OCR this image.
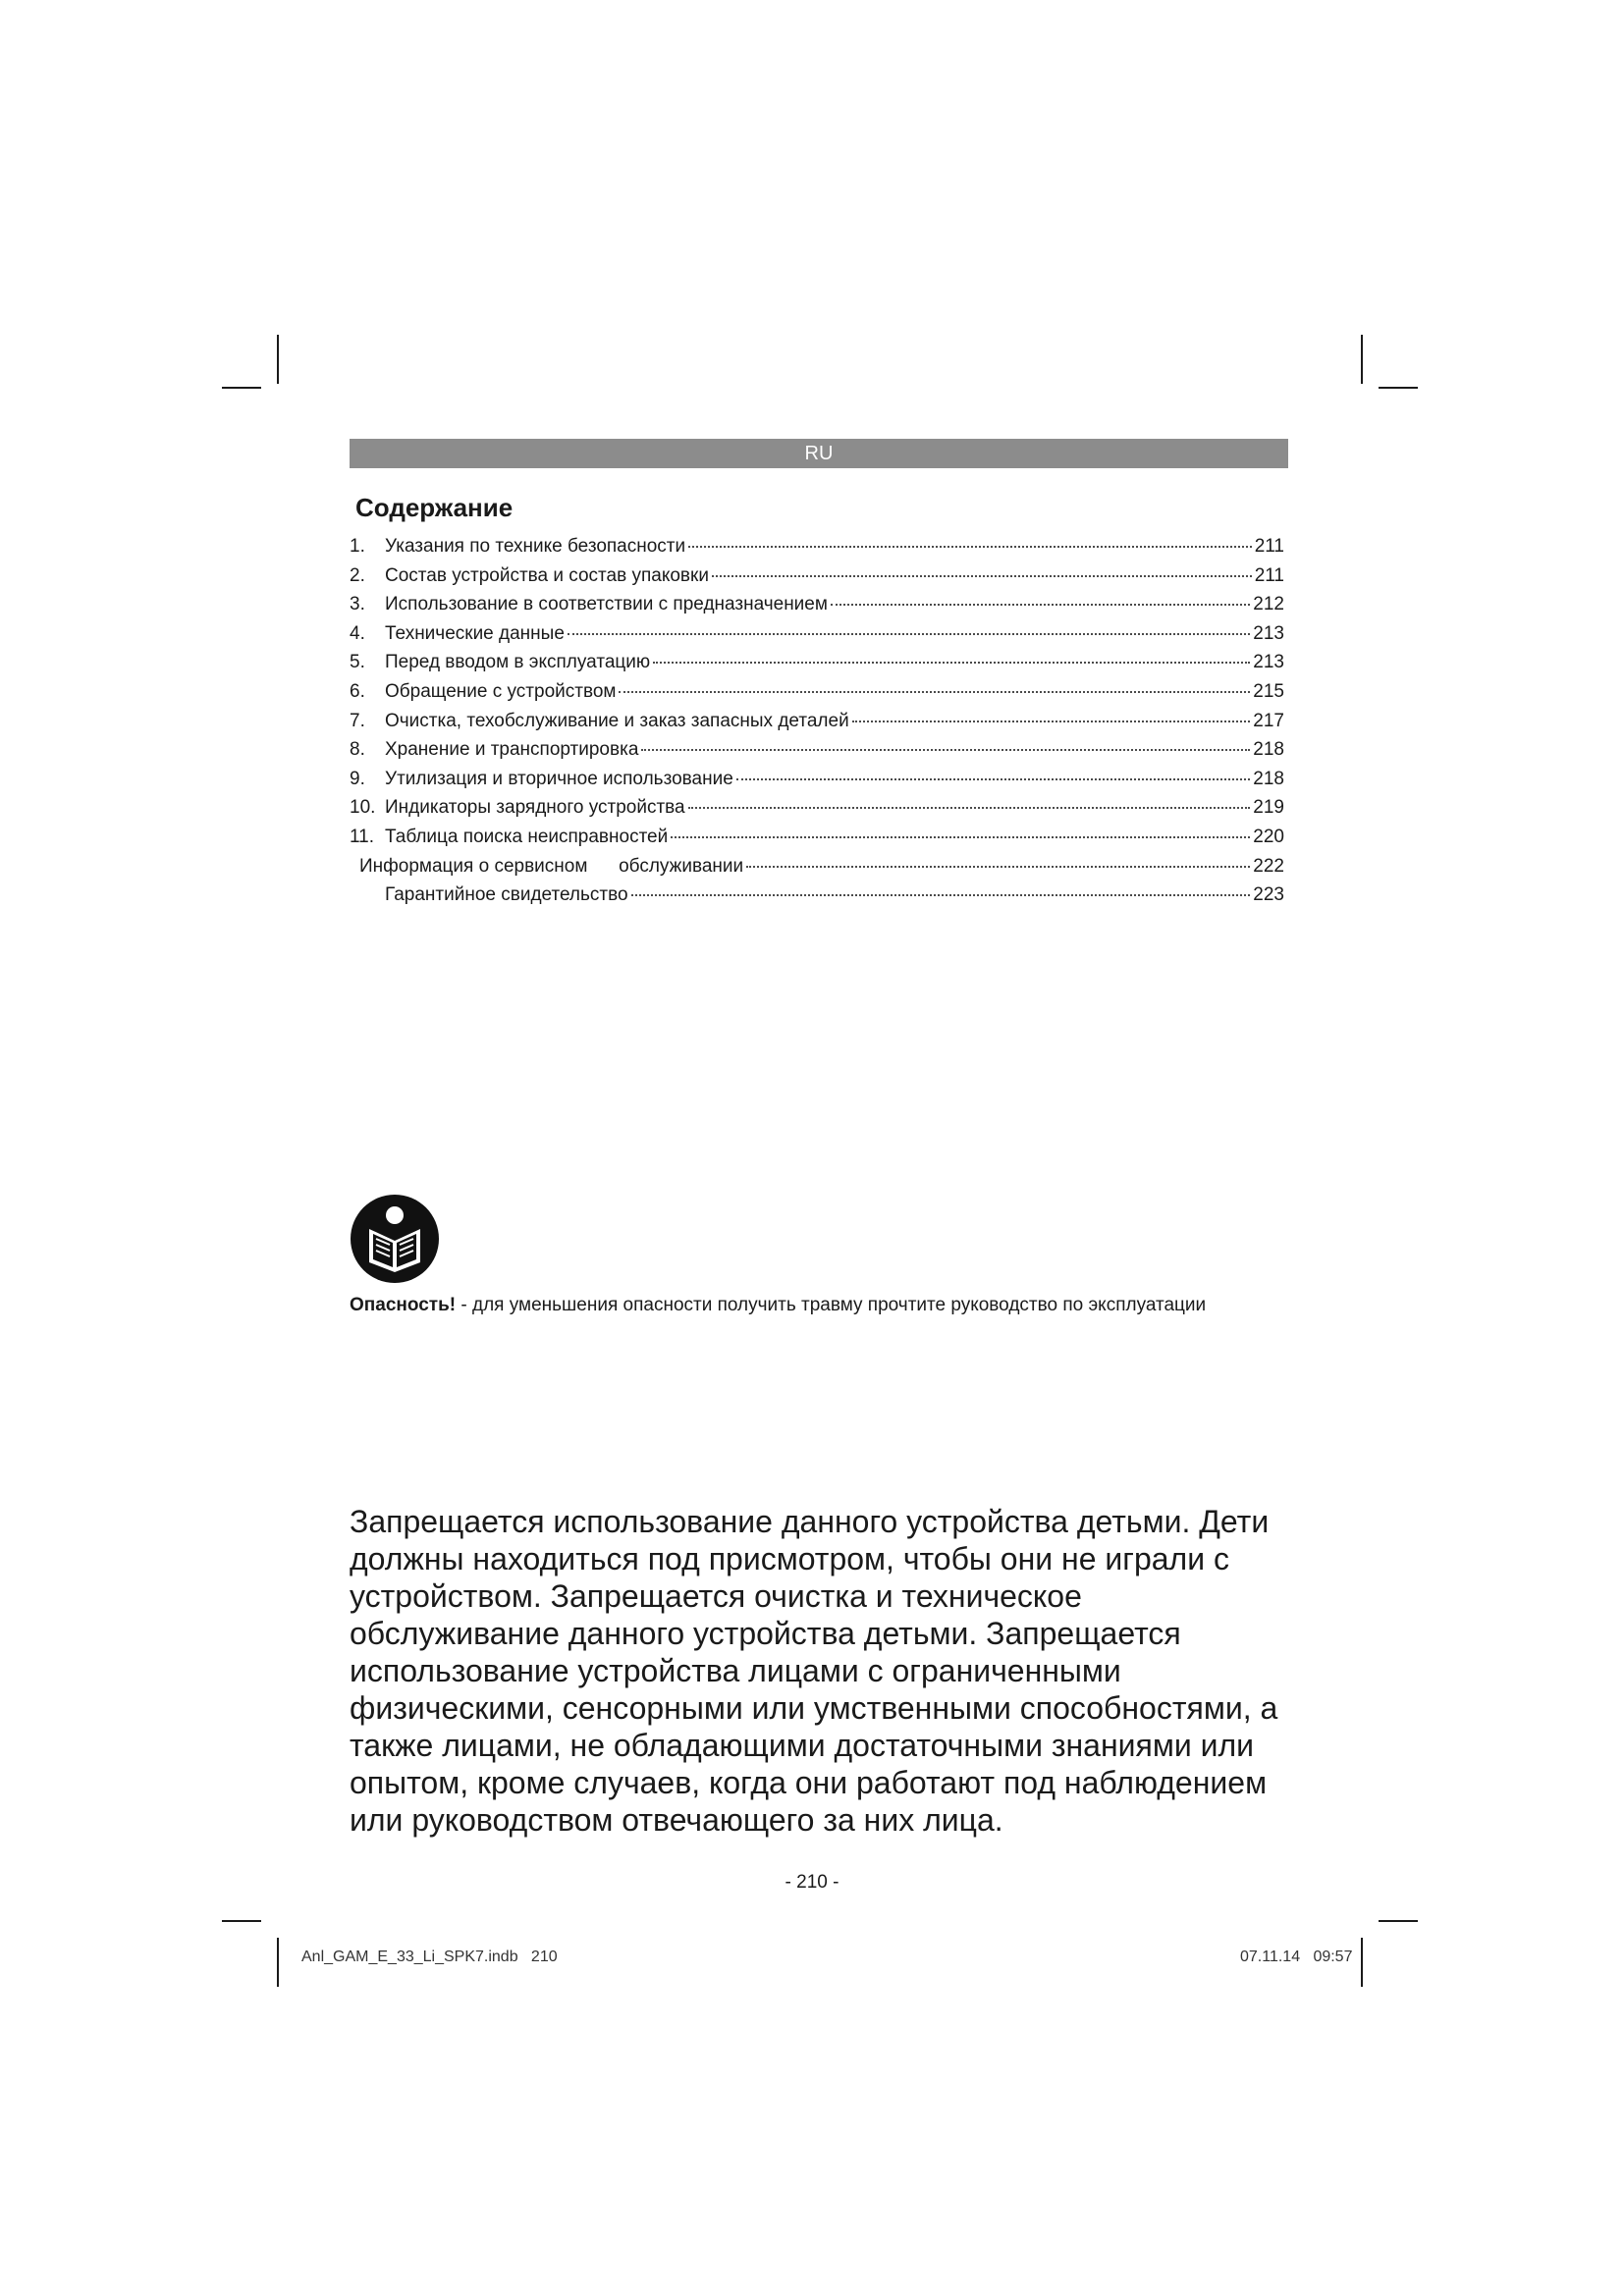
RU
Содержание
1.	Указания по технике безопасности	211
2.	Состав устройства и состав упаковки	211
3.	Использование в соответствии с предназначением	212
4.	Технические данные	213
5.	Перед вводом в эксплуатацию	213
6.	Обращение с устройством	215
7.	Очистка, техобслуживание и заказ запасных деталей	217
8.	Хранение и транспортировка	218
9.	Утилизация и вторичное использование	218
10. Индикаторы зарядного устройства	219
11. Таблица поиска неисправностей	220
Информация о сервисном      обслуживании	222
Гарантийное свидетельство	223
Опасность! - для уменьшения опасности получить травму прочтите руководство по эксплуатации
Запрещается использование данного устройства детьми. Дети должны находиться под присмотром, чтобы они не играли с устройством. Запрещается очистка и техническое обслуживание данного устройства детьми. Запрещается использование устройства лицами с ограниченными физическими, сенсорными или умственными способностями, а также лицами, не обладающими достаточными знаниями или опытом, кроме случаев, когда они работают под наблюдением или руководством отвечающего за них лица.
- 210 -
Anl_GAM_E_33_Li_SPK7.indb   210	07.11.14 09:57
